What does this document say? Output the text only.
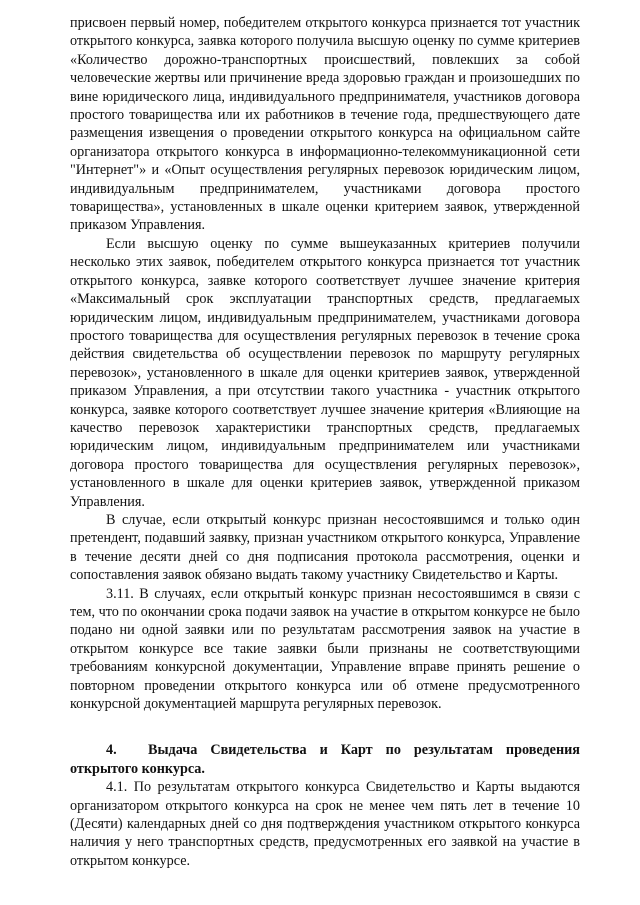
присвоен первый номер, победителем открытого конкурса признается тот участник открытого конкурса, заявка которого получила высшую оценку по сумме критериев «Количество дорожно-транспортных происшествий, повлекших за собой человеческие жертвы или причинение вреда здоровью граждан и произошедших по вине юридического лица, индивидуального предпринимателя, участников договора простого товарищества или их работников в течение года, предшествующего дате размещения извещения о проведении открытого конкурса на официальном сайте организатора открытого конкурса в информационно-телекоммуникационной сети "Интернет"» и «Опыт осуществления регулярных перевозок юридическим лицом, индивидуальным предпринимателем, участниками договора простого товарищества», установленных в шкале оценки критерием заявок, утвержденной приказом Управления.

Если высшую оценку по сумме вышеуказанных критериев получили несколько этих заявок, победителем открытого конкурса признается тот участник открытого конкурса, заявке которого соответствует лучшее значение критерия «Максимальный срок эксплуатации транспортных средств, предлагаемых юридическим лицом, индивидуальным предпринимателем, участниками договора простого товарищества для осуществления регулярных перевозок в течение срока действия свидетельства об осуществлении перевозок по маршруту регулярных перевозок», установленного в шкале для оценки критериев заявок, утвержденной приказом Управления, а при отсутствии такого участника - участник открытого конкурса, заявке которого соответствует лучшее значение критерия «Влияющие на качество перевозок характеристики транспортных средств, предлагаемых юридическим лицом, индивидуальным предпринимателем или участниками договора простого товарищества для осуществления регулярных перевозок», установленного в шкале для оценки критериев заявок, утвержденной приказом Управления.

В случае, если открытый конкурс признан несостоявшимся и только один претендент, подавший заявку, признан участником открытого конкурса, Управление в течение десяти дней со дня подписания протокола рассмотрения, оценки и сопоставления заявок обязано выдать такому участнику Свидетельство и Карты.

3.11. В случаях, если открытый конкурс признан несостоявшимся в связи с тем, что по окончании срока подачи заявок на участие в открытом конкурсе не было подано ни одной заявки или по результатам рассмотрения заявок на участие в открытом конкурсе все такие заявки были признаны не соответствующими требованиям конкурсной документации, Управление вправе принять решение о повторном проведении открытого конкурса или об отмене предусмотренного конкурсной документацией маршрута регулярных перевозок.

4. Выдача Свидетельства и Карт по результатам проведения открытого конкурса.

4.1. По результатам открытого конкурса Свидетельство и Карты выдаются организатором открытого конкурса на срок не менее чем пять лет в течение 10 (Десяти) календарных дней со дня подтверждения участником открытого конкурса наличия у него транспортных средств, предусмотренных его заявкой на участие в открытом конкурсе.
